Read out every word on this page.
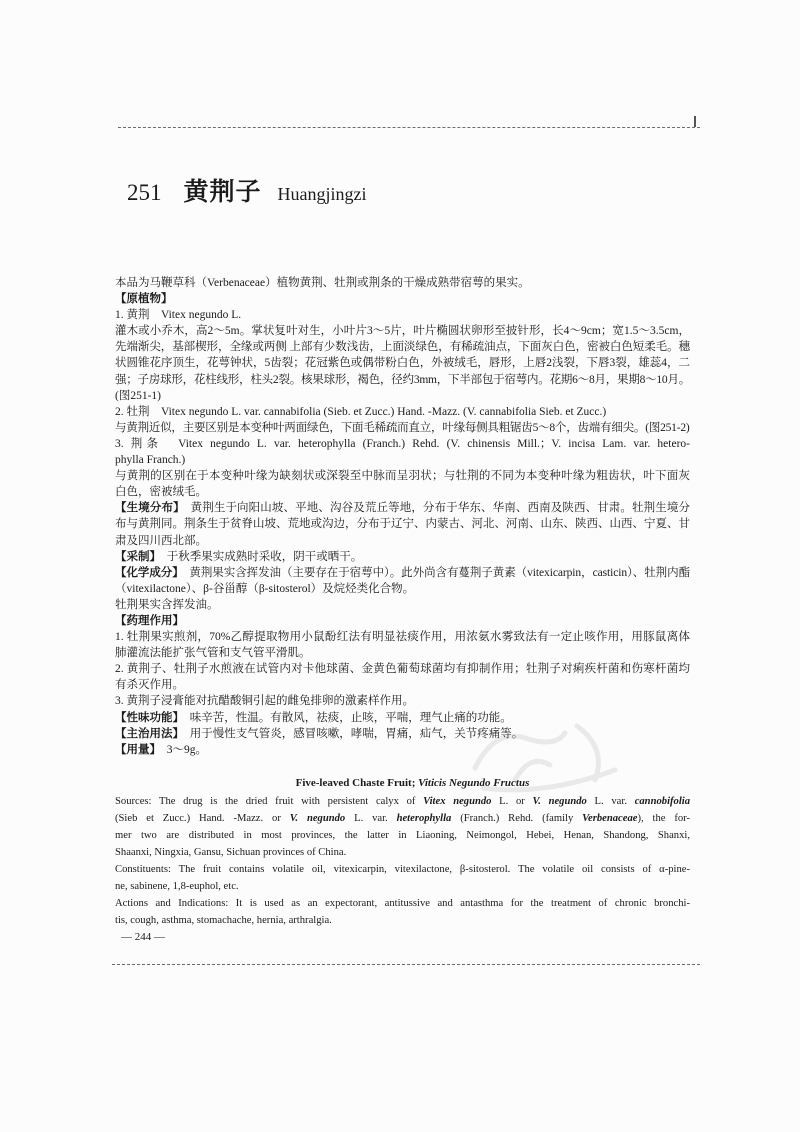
251 黄荆子 Huangjingzi
本品为马鞭草科（Verbenaceae）植物黄荆、牡荆或荆条的干燥成熟带宿萼的果实。
【原植物】
1. 黄荆　Vitex negundo L.
灌木或小乔木，高2～5m。掌状复叶对生，小叶片3～5片，叶片椭圆状卵形至披针形，长4～9cm；宽1.5～3.5cm，
先端渐尖，基部楔形，全缘或两侧 上部有少数浅齿，上面淡绿色，有稀疏油点，下面灰白色，密被白色短柔毛。穗
状圆锥花序顶生，花萼钟状，5齿裂；花冠紫色或偶带粉白色，外被绒毛，唇形，上唇2浅裂，下唇3裂，雄蕊4，二
强；子房球形，花柱线形，柱头2裂。核果球形，褐色，径约3mm，下半部包于宿萼内。花期6～8月，果期8～10月。
(图251-1)
2. 牡荆　Vitex negundo L. var. cannabifolia (Sieb. et Zucc.) Hand. -Mazz. (V. cannabifolia Sieb. et Zucc.)
与黄荆近似，主要区别是本变种叶两面绿色，下面毛稀疏而直立，叶缘每侧具粗锯齿5～8个，齿端有细尖。(图251-2)
3. 荆条　Vitex negundo L. var. heterophylla (Franch.) Rehd. (V. chinensis Mill.；V. incisa Lam. var. hetero-
phylla Franch.)
与黄荆的区别在于本变种叶缘为缺刻状或深裂至中脉而呈羽状；与牡荆的不同为本变种叶缘为粗齿状，叶下面灰
白色，密被绒毛。
【生境分布】　黄荆生于向阳山坡、平地、沟谷及荒丘等地，分布于华东、华南、西南及陕西、甘肃。牡荆生境分
布与黄荆同。荆条生于贫脊山坡、荒地或沟边，分布于辽宁、内蒙古、河北、河南、山东、陕西、山西、宁夏、甘
肃及四川西北部。
【采制】　于秋季果实成熟时采收，阴干或晒干。
【化学成分】　黄荆果实含挥发油（主要存在于宿萼中）。此外尚含有蔓荆子黄素（vitexicarpin，casticin）、牡荆内酯
（vitexilactone）、β-谷甾醇（β-sitosterol）及烷烃类化合物。
牡荆果实含挥发油。
【药理作用】
1. 牡荆果实煎剂，70%乙醇提取物用小鼠酚红法有明显祛痰作用，用浓氨水雾致法有一定止咳作用，用豚鼠离体
肺灌流法能扩张气管和支气管平滑肌。
2. 黄荆子、牡荆子水煎液在试管内对卡他球菌、金黄色葡萄球菌均有抑制作用；牡荆子对痢疾杆菌和伤寒杆菌均
有杀灭作用。
3. 黄荆子浸膏能对抗醋酸铜引起的雌兔排卵的激素样作用。
【性味功能】　味辛苦，性温。有散风，祛痰，止咳，平喘，理气止痛的功能。
【主治用法】　用于慢性支气管炎，感冒咳嗽，哮喘，胃痛，疝气，关节疼痛等。
【用量】　3～9g。
Five-leaved Chaste Fruit; Viticis Negundo Fructus
Sources: The drug is the dried fruit with persistent calyx of Vitex negundo L. or V. negundo L. var. cannobifolia
(Sieb et Zucc.) Hand. -Mazz. or V. negundo L. var. heterophylla (Franch.) Rehd. (family Verbenaceae), the for-
mer two are distributed in most provinces, the latter in Liaoning, Neimongol, Hebei, Henan, Shandong, Shanxi,
Shaanxi, Ningxia, Gansu, Sichuan provinces of China.
Constituents: The fruit contains volatile oil, vitexicarpin, vitexilactone, β-sitosterol. The volatile oil consists of α-pine-
ne, sabinene, 1,8-euphol, etc.
Actions and Indications: It is used as an expectorant, antitussive and antasthma for the treatment of chronic bronchi-
tis, cough, asthma, stomachache, hernia, arthralgia.
— 244 —
